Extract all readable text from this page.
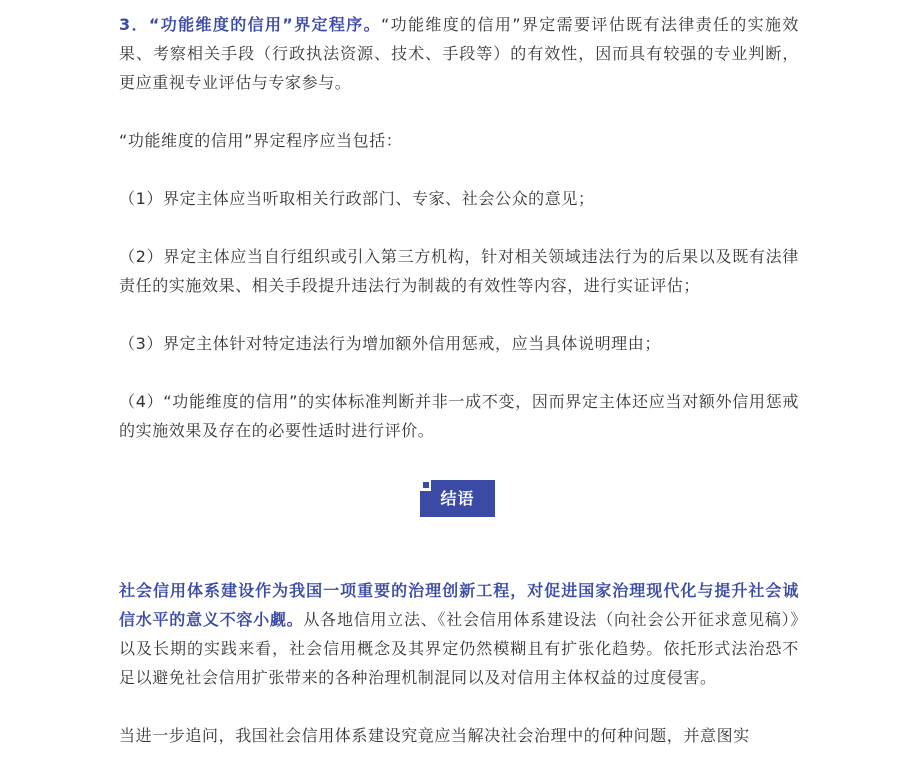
3．“功能维度的信用”界定程序。“功能维度的信用”界定需要评估既有法律责任的实施效果、考察相关手段（行政执法资源、技术、手段等）的有效性，因而具有较强的专业判断，更应重视专业评估与专家参与。

“功能维度的信用”界定程序应当包括：

（1）界定主体应当听取相关行政部门、专家、社会公众的意见；

（2）界定主体应当自行组织或引入第三方机构，针对相关领域违法行为的后果以及既有法律责任的实施效果、相关手段提升违法行为制裁的有效性等内容，进行实证评估；

（3）界定主体针对特定违法行为增加额外信用惩戒，应当具体说明理由；

（4）“功能维度的信用”的实体标准判断并非一成不变，因而界定主体还应当对额外信用惩戒的实施效果及存在的必要性适时进行评价。

结语

社会信用体系建设作为我国一项重要的治理创新工程，对促进国家治理现代化与提升社会诚信水平的意义不容小觑。从各地信用立法、《社会信用体系建设法（向社会公开征求意见稿）》以及长期的实践来看，社会信用概念及其界定仍然模糊且有扩张化趋势。依托形式法治恐不足以避免社会信用扩张带来的各种治理机制混同以及对信用主体权益的过度侵害。

当进一步追问，我国社会信用体系建设究竟应当解决社会治理中的何种问题，并意图实
